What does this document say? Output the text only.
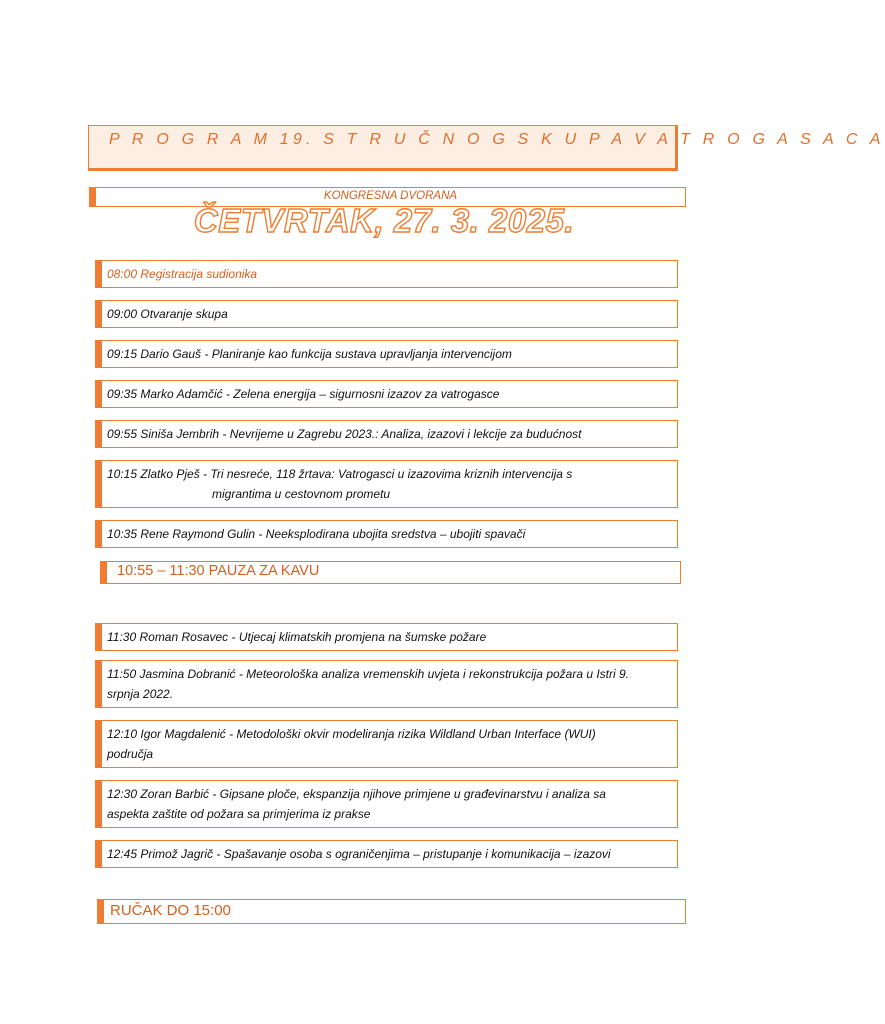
P R O G R A M 19. S T R U Č N O G S K U P A V A T R O G A S A C A
KONGRESNA DVORANA
ČETVRTAK, 27. 3. 2025.
08:00 Registracija sudionika
09:00 Otvaranje skupa
09:15 Dario Gauš - Planiranje kao funkcija sustava upravljanja intervencijom
09:35 Marko Adamčić - Zelena energija – sigurnosni izazov za vatrogasce
09:55 Siniša Jembrih - Nevrijeme u Zagrebu 2023.: Analiza, izazovi i lekcije za budućnost
10:15 Zlatko Pješ - Tri nesreće, 118 žrtava: Vatrogasci u izazovima kriznih intervencija s
migrantima u cestovnom prometu
10:35 Rene Raymond Gulin - Neeksplodirana ubojita sredstva – ubojiti spavači
10:55 – 11:30 PAUZA ZA KAVU
11:30 Roman Rosavec - Utjecaj klimatskih promjena na šumske požare
11:50 Jasmina Dobranić - Meteorološka analiza vremenskih uvjeta i rekonstrukcija požara u Istri 9.
srpnja 2022.
12:10 Igor Magdalenić - Metodološki okvir modeliranja rizika Wildland Urban Interface (WUI)
područja
12:30 Zoran Barbić - Gipsane ploče, ekspanzija njihove primjene u građevinarstvu i analiza sa
aspekta zaštite od požara sa primjerima iz prakse
12:45 Primož Jagrič - Spašavanje osoba s ograničenjima – pristupanje i komunikacija – izazovi
RUČAK DO 15:00
